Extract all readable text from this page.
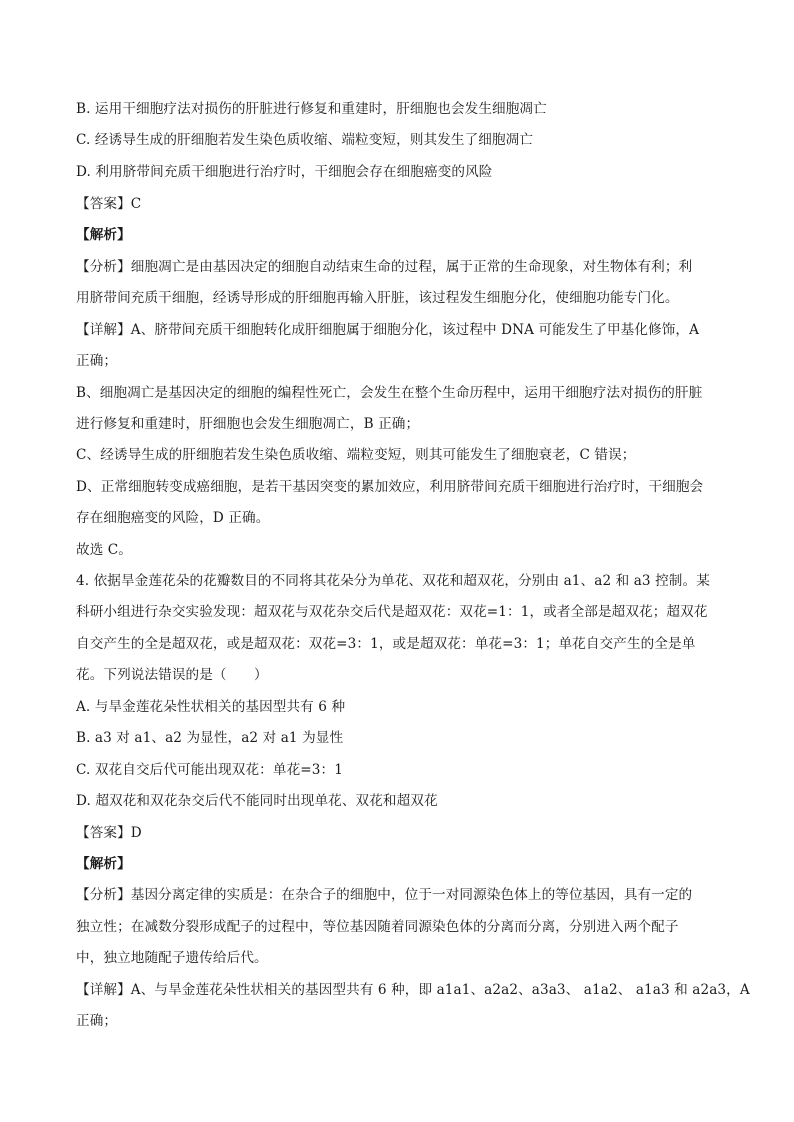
B. 运用干细胞疗法对损伤的肝脏进行修复和重建时，肝细胞也会发生细胞凋亡
C. 经诱导生成的肝细胞若发生染色质收缩、端粒变短，则其发生了细胞凋亡
D. 利用脐带间充质干细胞进行治疗时，干细胞会存在细胞癌变的风险
【答案】C
【解析】
【分析】细胞凋亡是由基因决定的细胞自动结束生命的过程，属于正常的生命现象，对生物体有利；利
用脐带间充质干细胞，经诱导形成的肝细胞再输入肝脏，该过程发生细胞分化，使细胞功能专门化。
【详解】A、脐带间充质干细胞转化成肝细胞属于细胞分化，该过程中 DNA 可能发生了甲基化修饰，A
正确；
B、细胞凋亡是基因决定的细胞的编程性死亡，会发生在整个生命历程中，运用干细胞疗法对损伤的肝脏
进行修复和重建时，肝细胞也会发生细胞凋亡，B 正确；
C、经诱导生成的肝细胞若发生染色质收缩、端粒变短，则其可能发生了细胞衰老，C 错误；
D、正常细胞转变成癌细胞，是若干基因突变的累加效应，利用脐带间充质干细胞进行治疗时，干细胞会
存在细胞癌变的风险，D 正确。
故选 C。
4. 依据旱金莲花朵的花瓣数目的不同将其花朵分为单花、双花和超双花，分别由 a1、a2 和 a3 控制。某
科研小组进行杂交实验发现：超双花与双花杂交后代是超双花：双花=1：1，或者全部是超双花；超双花
自交产生的全是超双花，或是超双花：双花=3：1，或是超双花：单花=3：1；单花自交产生的全是单
花。下列说法错误的是（　　）
A. 与旱金莲花朵性状相关的基因型共有 6 种
B. a3 对 a1、a2 为显性，a2 对 a1 为显性
C. 双花自交后代可能出现双花：单花=3：1
D. 超双花和双花杂交后代不能同时出现单花、双花和超双花
【答案】D
【解析】
【分析】基因分离定律的实质是：在杂合子的细胞中，位于一对同源染色体上的等位基因，具有一定的
独立性；在减数分裂形成配子的过程中，等位基因随着同源染色体的分离而分离，分别进入两个配子
中，独立地随配子遗传给后代。
【详解】A、与旱金莲花朵性状相关的基因型共有 6 种，即 a1a1、a2a2、a3a3、 a1a2、 a1a3 和 a2a3，A
正确；
